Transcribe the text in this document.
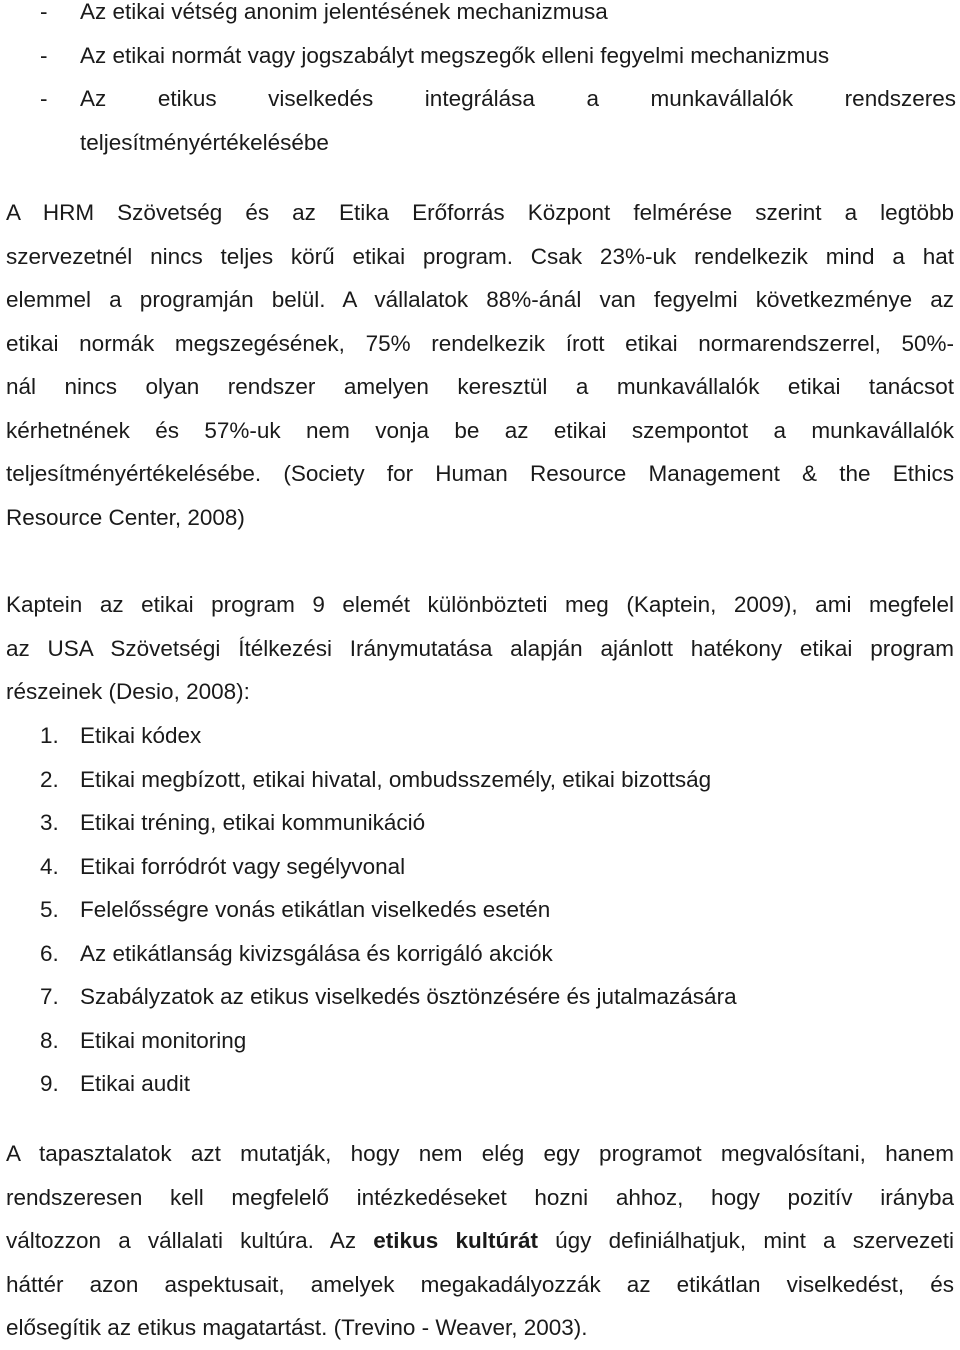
- Az etikai vétség anonim jelentésének mechanizmusa
- Az etikai normát vagy jogszabályt megszegők elleni fegyelmi mechanizmus
- Az etikus viselkedés integrálása a munkavállalók rendszeres
teljesítményértékelésébe
A HRM Szövetség és az Etika Erőforrás Központ felmérése szerint a legtöbb
szervezetnél nincs teljes körű etikai program. Csak 23%-uk rendelkezik mind a hat
elemmel a programján belül. A vállalatok 88%-ánál van fegyelmi következménye az
etikai normák megszegésének, 75% rendelkezik írott etikai normarendszerrel, 50%-
nál nincs olyan rendszer amelyen keresztül a munkavállalók etikai tanácsot
kérhetnének és 57%-uk nem vonja be az etikai szempontot a munkavállalók
teljesítményértékelésébe. (Society for Human Resource Management & the Ethics
Resource Center, 2008)
Kaptein az etikai program 9 elemét különbözteti meg (Kaptein, 2009), ami megfelel
az USA Szövetségi Ítélkezési Iránymutatása alapján ajánlott hatékony etikai program
részeinek (Desio, 2008):
1. Etikai kódex
2. Etikai megbízott, etikai hivatal, ombudsszemély, etikai bizottság
3. Etikai tréning, etikai kommunikáció
4. Etikai forródrót vagy segélyvonal
5. Felelősségre vonás etikátlan viselkedés esetén
6. Az etikátlanság kivizsgálása és korrigáló akciók
7. Szabályzatok az etikus viselkedés ösztönzésére és jutalmazására
8. Etikai monitoring
9. Etikai audit
A tapasztalatok azt mutatják, hogy nem elég egy programot megvalósítani, hanem
rendszeresen kell megfelelő intézkedéseket hozni ahhoz, hogy pozitív irányba
változzon a vállalati kultúra. Az etikus kultúrát úgy definiálhatjuk, mint a szervezeti
háttér azon aspektusait, amelyek megakadályozzák az etikátlan viselkedést, és
elősegítik az etikus magatartást. (Trevino - Weaver, 2003).
